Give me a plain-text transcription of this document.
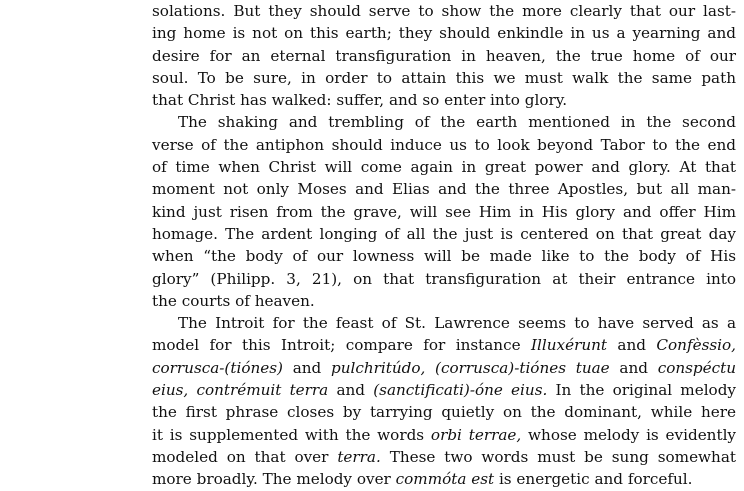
solations. But they should serve to show the more clearly that our last-
ing home is not on this earth; they should enkindle in us a yearning and
desire for an eternal transfiguration in heaven, the true home of our
soul. To be sure, in order to attain this we must walk the same path
that Christ has walked: suffer, and so enter into glory.
The shaking and trembling of the earth mentioned in the second
verse of the antiphon should induce us to look beyond Tabor to the end
of time when Christ will come again in great power and glory. At that
moment not only Moses and Elias and the three Apostles, but all man-
kind just risen from the grave, will see Him in His glory and offer Him
homage. The ardent longing of all the just is centered on that great day
when “the body of our lowness will be made like to the body of His
glory” (Philipp. 3, 21), on that transfiguration at their entrance into
the courts of heaven.
The Introit for the feast of St. Lawrence seems to have served as a
model for this Introit; compare for instance Illuxérunt and Confèssio,
corrusca-(tiónes) and pulchritúdo, (corrusca)-tiónes tuae and conspéctu
eius, contrémuit terra and (sanctificati)-óne eius. In the original melody
the first phrase closes by tarrying quietly on the dominant, while here
it is supplemented with the words orbi terrae, whose melody is evidently
modeled on that over terra. These two words must be sung somewhat
more broadly. The melody over commóta est is energetic and forceful.
